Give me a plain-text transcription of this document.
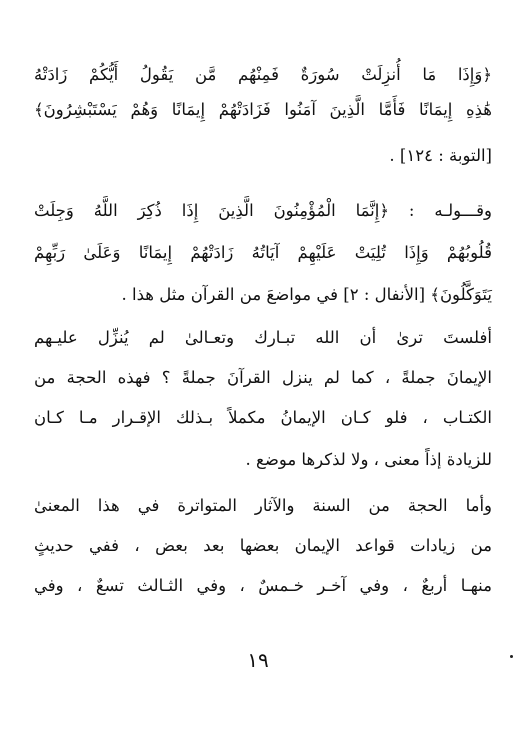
﴿وَإِذَا مَا أُنزِلَتْ سُورَةٌ فَمِنْهُم مَّن يَقُولُ أَيُّكُمْ زَادَتْهُ
هَٰذِهِ إِيمَانًا فَأَمَّا الَّذِينَ آمَنُوا فَزَادَتْهُمْ إِيمَانًا وَهُمْ يَسْتَبْشِرُونَ﴾
[التوبة : ١٢٤] .
وقـــولـه : ﴿إِنَّمَا الْمُؤْمِنُونَ الَّذِينَ إِذَا ذُكِرَ اللَّهُ وَجِلَتْ
قُلُوبُهُمْ وَإِذَا تُلِيَتْ عَلَيْهِمْ آيَاتُهُ زَادَتْهُمْ إِيمَانًا وَعَلَىٰ رَبِّهِمْ
يَتَوَكَّلُونَ﴾ [الأنفال : ٢] في مواضعَ من القرآن مثل هذا .
أفلستَ ترىٰ أن الله تبـارك وتعـالىٰ لم يُنزِّل عليـهم
الإيمانَ جملةً ، كما لم ينزل القرآنَ جملةً ؟ فهذه الحجة من
الكتـاب ، فلو كـان الإيمانُ مكملاً بـذلك الإقـرار مـا كـان
للزيادة إذاً معنى ، ولا لذكرها موضع .
وأما الحجة من السنة والآثار المتواترة في هذا المعنىٰ
من زيادات قواعد الإيمان بعضها بعد بعض ، ففي حديثٍ
منهـا أربعٌ ، وفي آخـر خـمسٌ ، وفي الثـالث تسعٌ ، وفي
١٩
